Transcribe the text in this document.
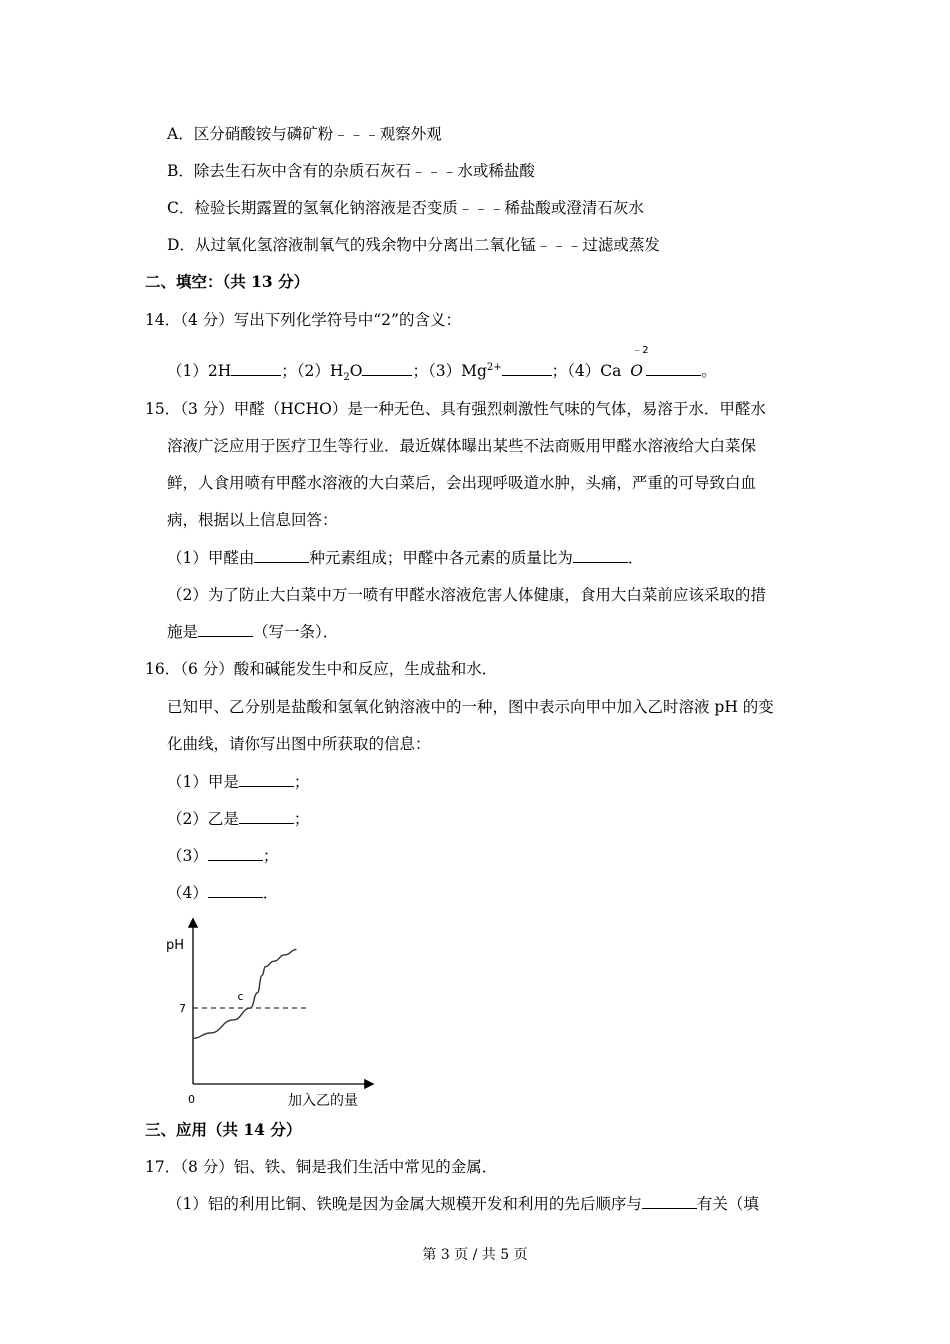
A．区分硝酸铵与磷矿粉﹣﹣﹣观察外观
B．除去生石灰中含有的杂质石灰石﹣﹣﹣水或稀盐酸
C．检验长期露置的氢氧化钠溶液是否变质﹣﹣﹣稀盐酸或澄清石灰水
D．从过氧化氢溶液制氧气的残余物中分离出二氧化锰﹣﹣﹣过滤或蒸发
二、填空：（共 13 分）
14．（4 分）写出下列化学符号中“2”的含义：
（1）2H	；$(2)H_2O$	；$(3)Mg^{2+}$	；（4）Ca
﹣2
O	。
15．（3 分）甲醛（HCHO）是一种无色、具有强烈刺激性气味的气体，易溶于水．甲醛水
溶液广泛应用于医疗卫生等行业．最近媒体曝出某些不法商贩用甲醛水溶液给大白菜保
鲜，人食用喷有甲醛水溶液的大白菜后，会出现呼吸道水肿，头痛，严重的可导致白血
病，根据以上信息回答：
（1）甲醛由	种元素组成；甲醛中各元素的质量比为	．
（2）为了防止大白菜中万一喷有甲醛水溶液危害人体健康，食用大白菜前应该采取的措
施是	（写一条）．
16．（6 分）酸和碱能发生中和反应，生成盐和水．
已知甲、乙分别是盐酸和氢氧化钠溶液中的一种，图中表示向甲中加入乙时溶液 pH 的变
化曲线，请你写出图中所获取的信息：
（1）甲是	；
（2）乙是	；
（3）	；
（4）	．
pH
7
0	加入乙的量
c
三、应用（共 14 分）
17．（8 分）铝、铁、铜是我们生活中常见的金属．
（1）铝的利用比铜、铁晚是因为金属大规模开发和利用的先后顺序与	有关（填
第 3 页 / 共 5 页
